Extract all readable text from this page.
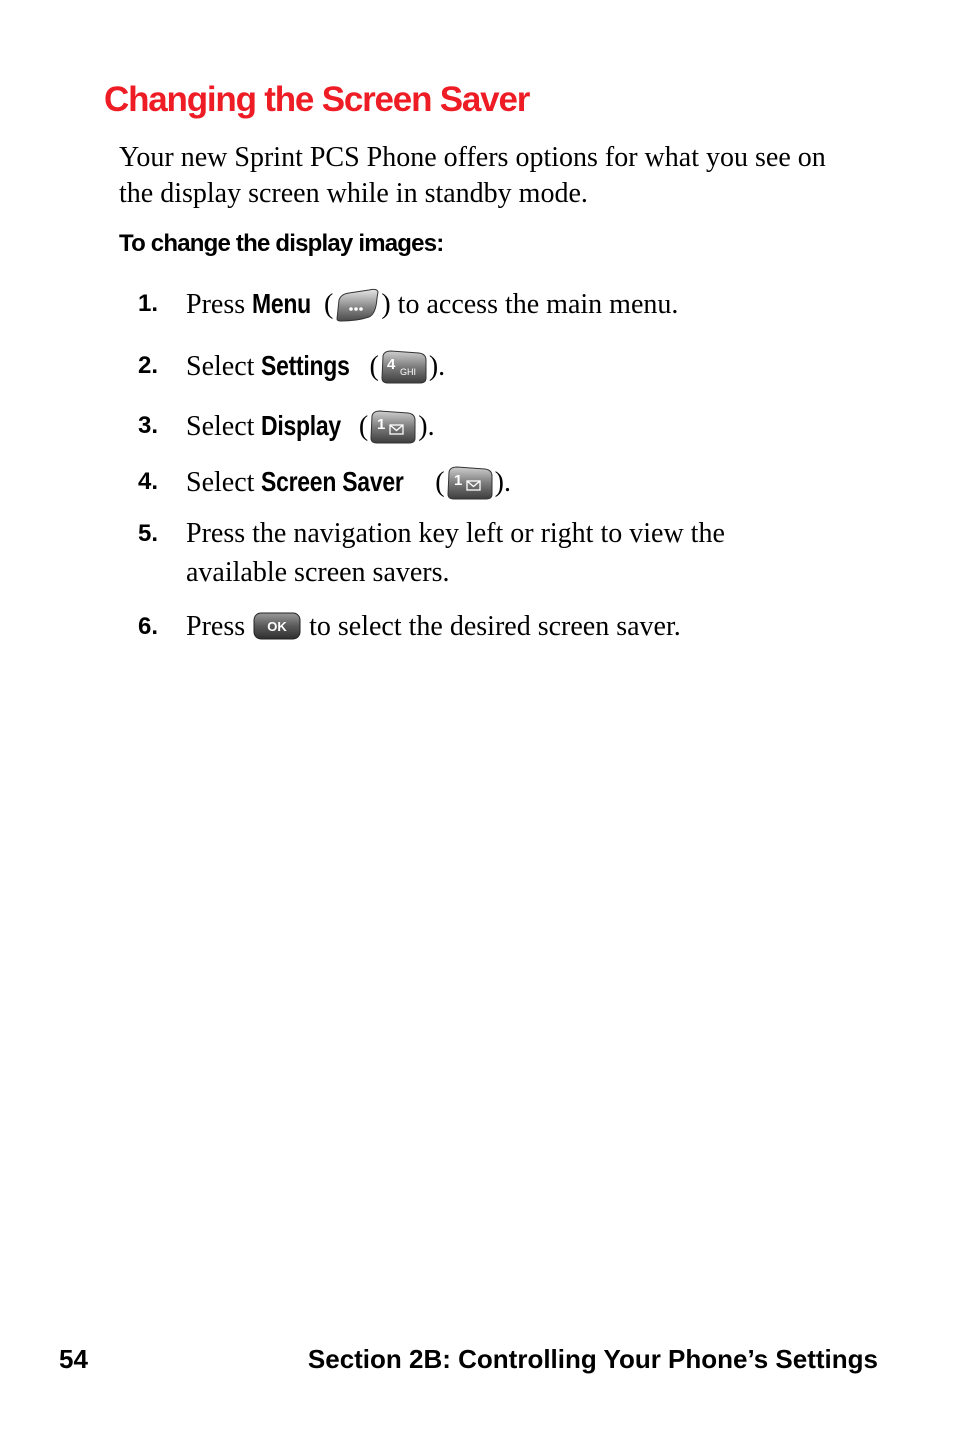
Changing the Screen Saver

Your new Sprint PCS Phone offers options for what you see on the display screen while in standby mode.

To change the display images:

1. Press Menu ( ) to access the main menu.
2. Select Settings ( 4 GHI ).
3. Select Display ( 1 ).
4. Select Screen Saver ( 1 ).
5. Press the navigation key left or right to view the available screen savers.
6. Press OK to select the desired screen saver.
54	Section 2B: Controlling Your Phone’s Settings
